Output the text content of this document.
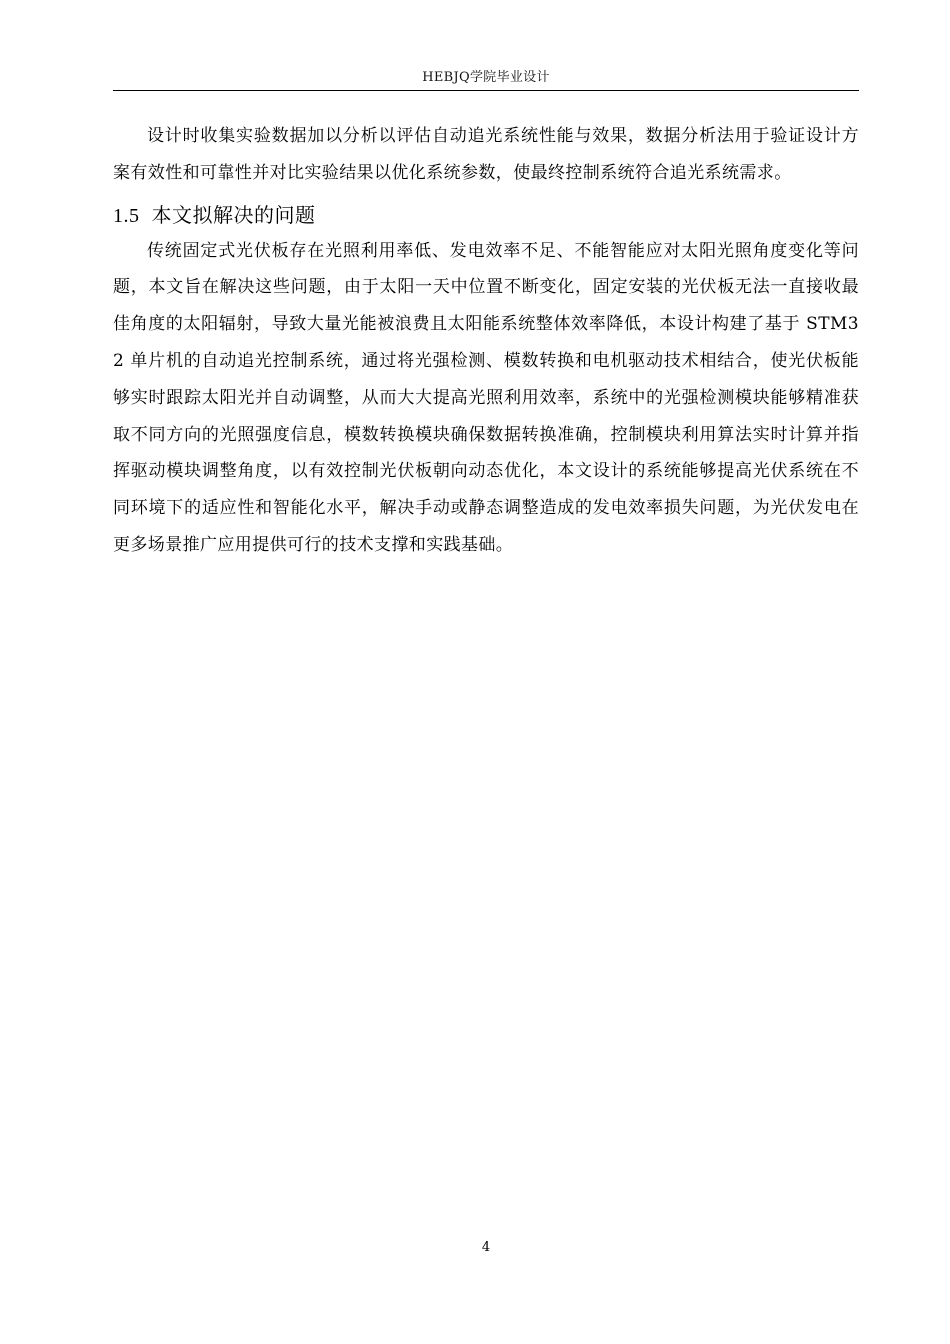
HEBJQ学院毕业设计

设计时收集实验数据加以分析以评估自动追光系统性能与效果，数据分析法用于验证设计方案有效性和可靠性并对比实验结果以优化系统参数，使最终控制系统符合追光系统需求。

1.5 本文拟解决的问题

传统固定式光伏板存在光照利用率低、发电效率不足、不能智能应对太阳光照角度变化等问题，本文旨在解决这些问题，由于太阳一天中位置不断变化，固定安装的光伏板无法一直接收最佳角度的太阳辐射，导致大量光能被浪费且太阳能系统整体效率降低，本设计构建了基于 STM32 单片机的自动追光控制系统，通过将光强检测、模数转换和电机驱动技术相结合，使光伏板能够实时跟踪太阳光并自动调整，从而大大提高光照利用效率，系统中的光强检测模块能够精准获取不同方向的光照强度信息，模数转换模块确保数据转换准确，控制模块利用算法实时计算并指挥驱动模块调整角度，以有效控制光伏板朝向动态优化，本文设计的系统能够提高光伏系统在不同环境下的适应性和智能化水平，解决手动或静态调整造成的发电效率损失问题，为光伏发电在更多场景推广应用提供可行的技术支撑和实践基础。

4
